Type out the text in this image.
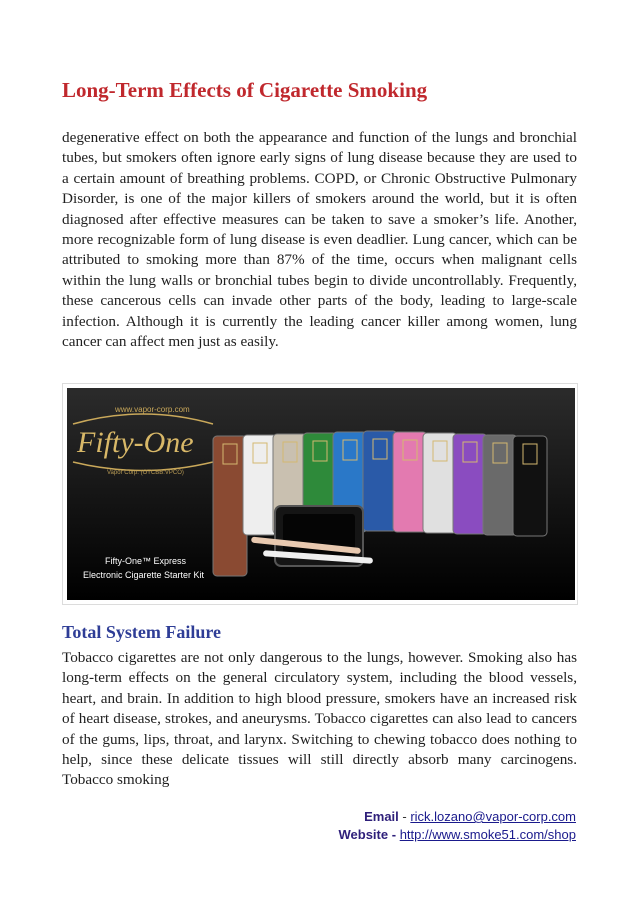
Long-Term Effects of Cigarette Smoking

degenerative effect on both the appearance and function of the lungs and bronchial tubes, but smokers often ignore early signs of lung disease because they are used to a certain amount of breathing problems. COPD, or Chronic Obstructive Pulmonary Disorder, is one of the major killers of smokers around the world, but it is often diagnosed after effective measures can be taken to save a smoker’s life. Another, more recognizable form of lung disease is even deadlier. Lung cancer, which can be attributed to smoking more than 87% of the time, occurs when malignant cells within the lung walls or bronchial tubes begin to divide uncontrollably. Frequently, these cancerous cells can invade other parts of the body, leading to large-scale infection. Although it is currently the leading cancer killer among women, lung cancer can affect men just as easily.

www.vapor-corp.com
Fifty-One
Vapor Corp. (OTCBB:VPCO)
Fifty-One™ Express
Electronic Cigarette Starter Kit
Total System Failure

Tobacco cigarettes are not only dangerous to the lungs, however. Smoking also has long-term effects on the general circulatory system, including the blood vessels, heart, and brain. In addition to high blood pressure, smokers have an increased risk of heart disease, strokes, and aneurysms. Tobacco cigarettes can also lead to cancers of the gums, lips, throat, and larynx. Switching to chewing tobacco does nothing to help, since these delicate tissues will still directly absorb many carcinogens. Tobacco smoking

Email - rick.lozano@vapor-corp.com
Website - http://www.smoke51.com/shop
